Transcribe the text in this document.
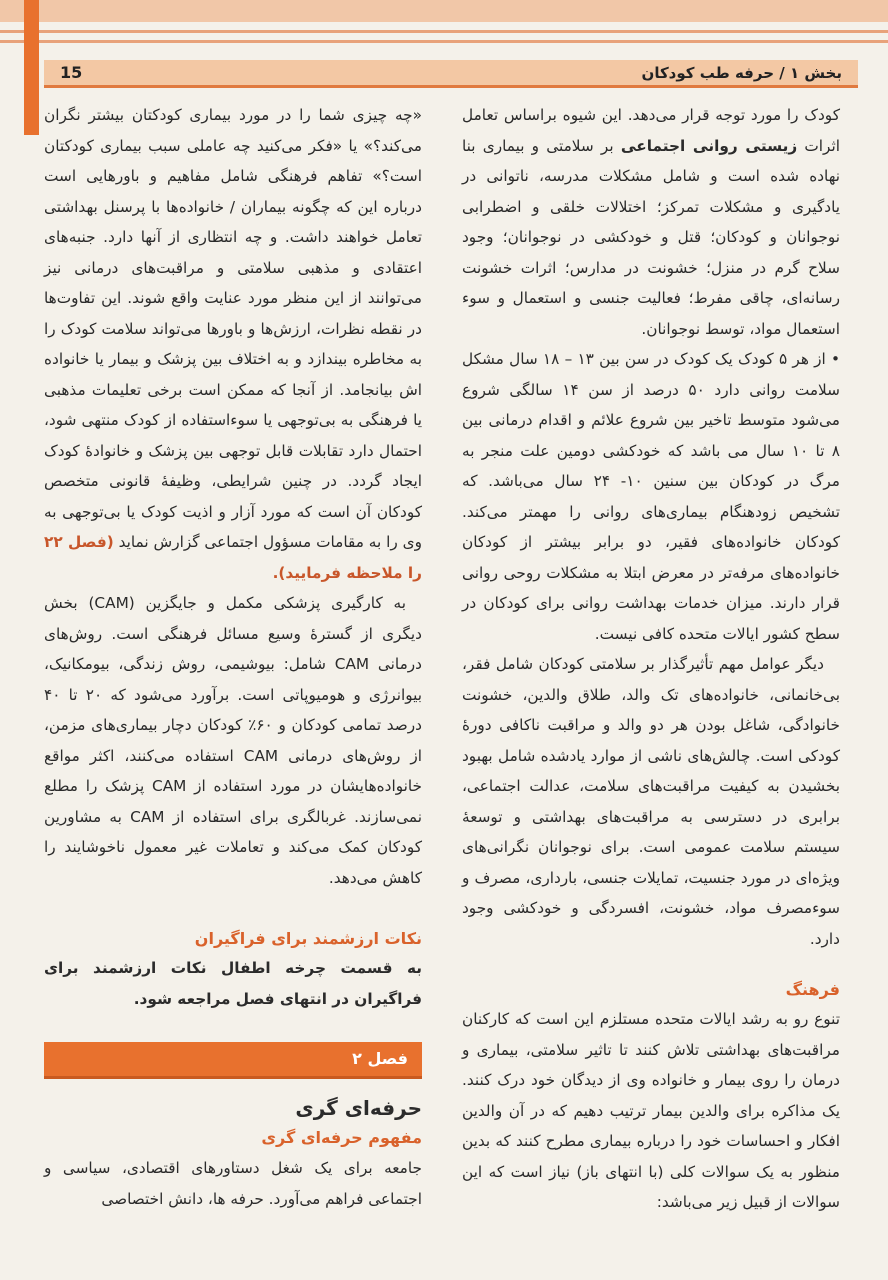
بخش ۱ / حرفه طب کودکان
15

کودک را مورد توجه قرار می‌دهد. این شیوه براساس تعامل اثرات زیستی روانی اجتماعی بر سلامتی و بیماری بنا نهاده شده است و شامل مشکلات مدرسه، ناتوانی در یادگیری و مشکلات تمرکز؛ اختلالات خلقی و اضطرابی نوجوانان و کودکان؛ قتل و خودکشی در نوجوانان؛ وجود سلاح گرم در منزل؛ خشونت در مدارس؛ اثرات خشونت رسانه‌ای، چاقی مفرط؛ فعالیت جنسی و استعمال و سوء استعمال مواد، توسط نوجوانان.

• از هر ۵ کودک یک کودک در سن بین ۱۳ – ۱۸ سال مشکل سلامت روانی دارد ۵۰ درصد از سن ۱۴ سالگی شروع می‌شود متوسط تاخیر بین شروع علائم و اقدام درمانی بین ۸ تا ۱۰ سال می باشد که خودکشی دومین علت منجر به مرگ در کودکان بین سنین ۱۰- ۲۴ سال می‌باشد. که تشخیص زودهنگام بیماری‌های روانی را مهمتر می‌کند. کودکان خانواده‌های فقیر، دو برابر بیشتر از کودکان خانواده‌های مرفه‌تر در معرض ابتلا به مشکلات روحی روانی قرار دارند. میزان خدمات بهداشت روانی برای کودکان در سطح کشور ایالات متحده کافی نیست.

دیگر عوامل مهم تأثیرگذار بر سلامتی کودکان شامل فقر، بی‌خانمانی، خانواده‌های تک والد، طلاق والدین، خشونت خانوادگی، شاغل بودن هر دو والد و مراقبت ناکافی دورهٔ کودکی است. چالش‌های ناشی از موارد یادشده شامل بهبود بخشیدن به کیفیت مراقبت‌های سلامت، عدالت اجتماعی، برابری در دسترسی به مراقبت‌های بهداشتی و توسعهٔ سیستم سلامت عمومی است. برای نوجوانان نگرانی‌های ویژه‌ای در مورد جنسیت، تمایلات جنسی، بارداری، مصرف و سوءمصرف مواد، خشونت، افسردگی و خودکشی وجود دارد.

فرهنگ

تنوع رو به رشد ایالات متحده مستلزم این است که کارکنان مراقبت‌های بهداشتی تلاش کنند تا تاثیر سلامتی، بیماری و درمان را روی بیمار و خانواده وی از دیدگان خود درک کنند. یک مذاکره برای والدین بیمار ترتیب دهیم که در آن والدین افکار و احساسات خود را درباره بیماری مطرح کنند که بدین منظور به یک سوالات کلی (با انتهای باز) نیاز است که این سوالات از قبیل زیر می‌باشد:

«چه چیزی شما را در مورد بیماری کودکتان بیشتر نگران می‌کند؟» یا «فکر می‌کنید چه عاملی سبب بیماری کودکتان است؟» تفاهم فرهنگی شامل مفاهیم و باورهایی است درباره این که چگونه بیماران / خانواده‌ها با پرسنل بهداشتی تعامل خواهند داشت. و چه انتظاری از آنها دارد. جنبه‌های اعتقادی و مذهبی سلامتی و مراقبت‌های درمانی نیز می‌توانند از این منظر مورد عنایت واقع شوند. این تفاوت‌ها در نقطه نظرات، ارزش‌ها و باورها می‌تواند سلامت کودک را به مخاطره بیندازد و به اختلاف بین پزشک و بیمار یا خانواده اش بیانجامد. از آنجا که ممکن است برخی تعلیمات مذهبی یا فرهنگی به بی‌توجهی یا سوءاستفاده از کودک منتهی شود، احتمال دارد تقابلات قابل توجهی بین پزشک و خانوادهٔ کودک ایجاد گردد. در چنین شرایطی، وظیفهٔ قانونی متخصص کودکان آن است که مورد آزار و اذیت کودک یا بی‌توجهی به وی را به مقامات مسؤول اجتماعی گزارش نماید (فصل ۲۲ را ملاحظه فرمایید).

به کارگیری پزشکی مکمل و جایگزین (CAM) بخش دیگری از گسترهٔ وسیع مسائل فرهنگی است. روش‌های درمانی CAM شامل: بیوشیمی، روش زندگی، بیومکانیک، بیوانرژی و هومیوپاتی است. برآورد می‌شود که ۲۰ تا ۴۰ درصد تمامی کودکان و ۶۰٪ کودکان دچار بیماری‌های مزمن، از روش‌های درمانی CAM استفاده می‌کنند، اکثر مواقع خانواده‌هایشان در مورد استفاده از CAM پزشک را مطلع نمی‌سازند. غربالگری برای استفاده از CAM به مشاورین کودکان کمک می‌کند و تعاملات غیر معمول ناخوشایند را کاهش می‌دهد.

نکات ارزشمند برای فراگیران

به قسمت چرخه اطفال نکات ارزشمند برای فراگیران در انتهای فصل مراجعه شود.

فصل ۲
حرفه‌ای گری
مفهوم حرفه‌ای گری

جامعه برای یک شغل دستاورهای اقتصادی، سیاسی و اجتماعی فراهم می‌آورد. حرفه ها، دانش اختصاصی
